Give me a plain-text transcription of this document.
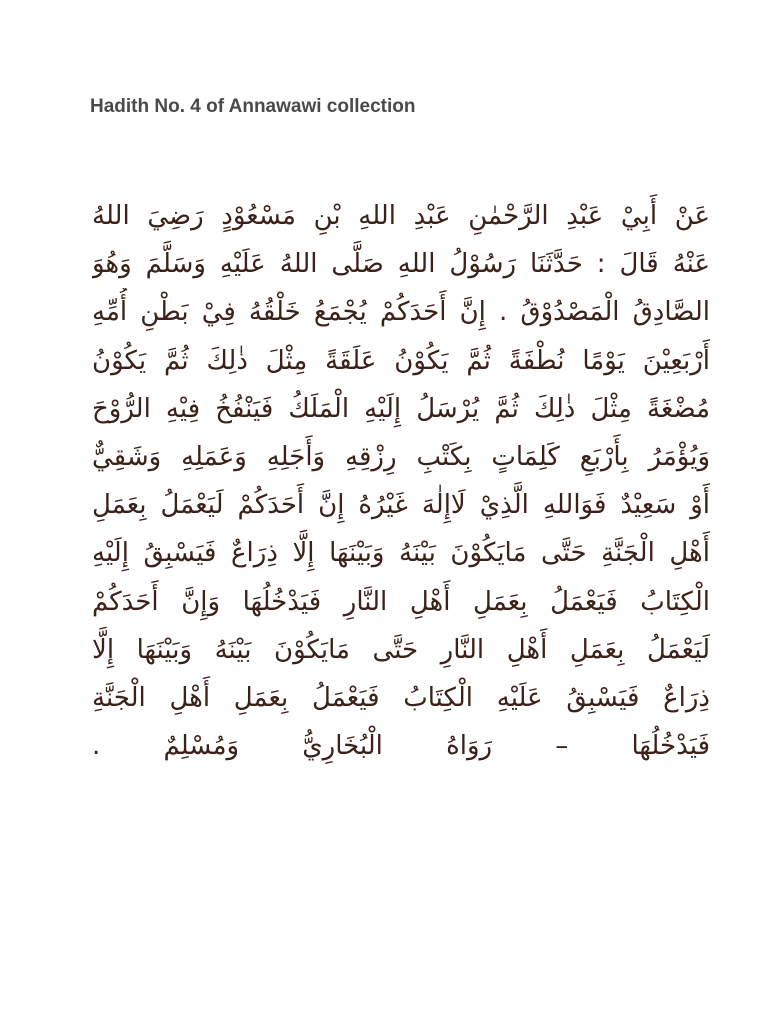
Hadith No. 4 of Annawawi collection
عَنْ أَبِيْ عَبْدِ الرَّحْمٰنِ عَبْدِ اللهِ بْنِ مَسْعُوْدٍ رَضِيَ اللهُ
عَنْهُ قَالَ : حَدَّثَنَا رَسُوْلُ اللهِ صَلَّى اللهُ عَلَيْهِ وَسَلَّمَ وَهُوَ
الصَّادِقُ الْمَصْدُوْقُ . إِنَّ أَحَدَكُمْ يُجْمَعُ خَلْقُهُ فِيْ بَطْنِ أُمِّهِ
أَرْبَعِيْنَ يَوْمًا نُطْفَةً ثُمَّ يَكُوْنُ عَلَقَةً مِثْلَ ذٰلِكَ ثُمَّ يَكُوْنُ
مُضْغَةً مِثْلَ ذٰلِكَ ثُمَّ يُرْسَلُ إِلَيْهِ الْمَلَكُ فَيَنْفُخُ فِيْهِ الرُّوْحَ
وَيُؤْمَرُ بِأَرْبَعِ كَلِمَاتٍ بِكَتْبِ رِزْقِهِ وَأَجَلِهِ وَعَمَلِهِ وَشَقِيٌّ
أَوْ سَعِيْدٌ فَوَاللهِ الَّذِيْ لَاإِلٰهَ غَيْرُهُ إِنَّ أَحَدَكُمْ لَيَعْمَلُ بِعَمَلِ
أَهْلِ الْجَنَّةِ حَتَّى مَايَكُوْنَ بَيْنَهُ وَبَيْنَهَا إِلَّا ذِرَاعٌ فَيَسْبِقُ إِلَيْهِ
الْكِتَابُ فَيَعْمَلُ بِعَمَلِ أَهْلِ النَّارِ فَيَدْخُلُهَا وَإِنَّ أَحَدَكُمْ
لَيَعْمَلُ بِعَمَلِ أَهْلِ النَّارِ حَتَّى مَايَكُوْنَ بَيْنَهُ وَبَيْنَهَا إِلَّا
ذِرَاعٌ فَيَسْبِقُ عَلَيْهِ الْكِتَابُ فَيَعْمَلُ بِعَمَلِ أَهْلِ الْجَنَّةِ
فَيَدْخُلُهَا – رَوَاهُ الْبُخَارِيُّ وَمُسْلِمٌ .
